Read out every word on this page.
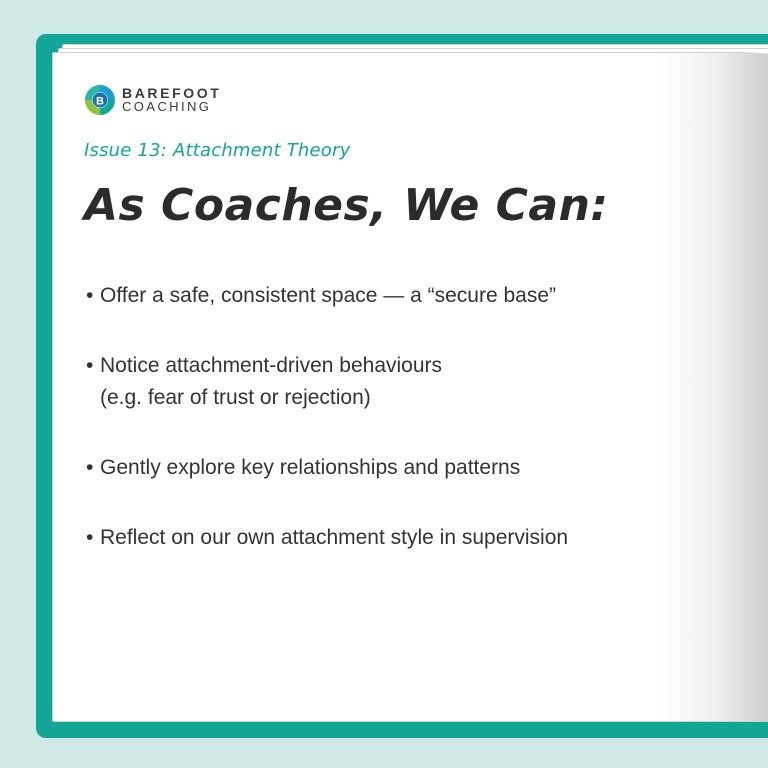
B
BAREFOOT
COACHING
Issue 13: Attachment Theory
As Coaches, We Can:
• Offer a safe, consistent space — a “secure base”
• Notice attachment-driven behaviours
(e.g. fear of trust or rejection)
• Gently explore key relationships and patterns
• Reflect on our own attachment style in supervision
